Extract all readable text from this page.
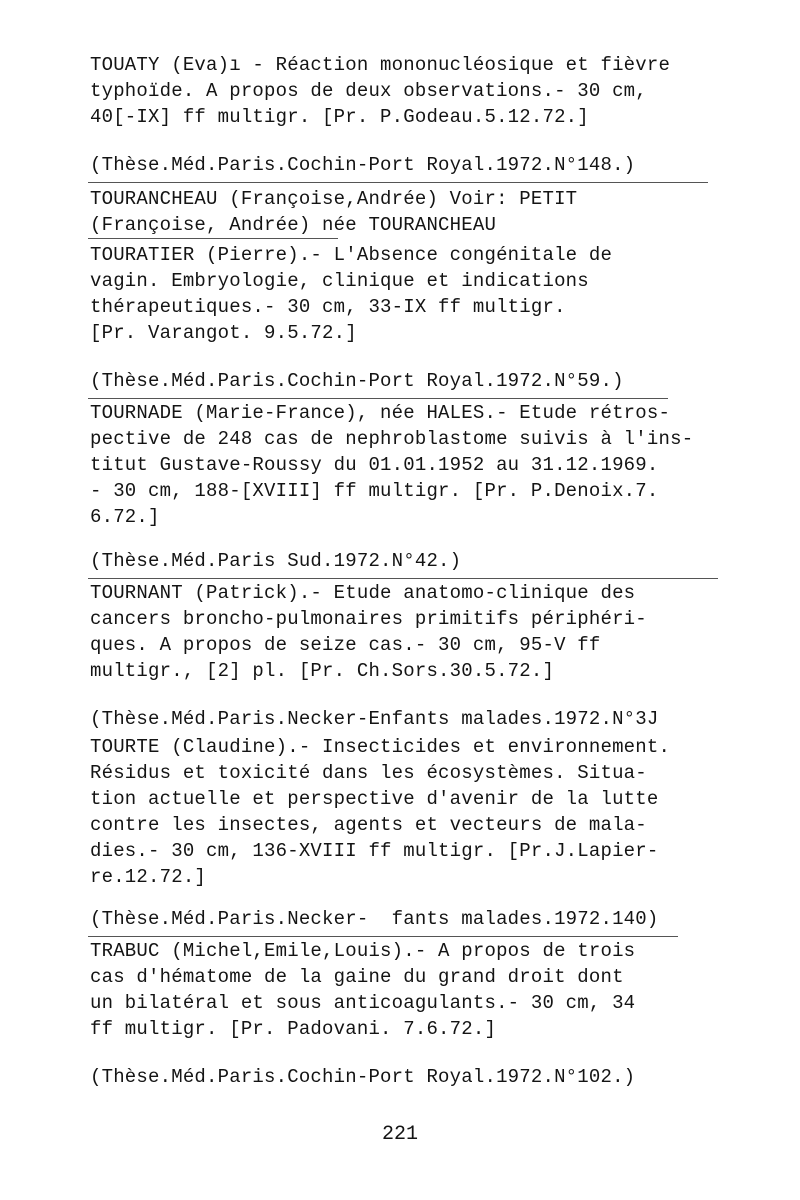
TOUATY (Eva)ı - Réaction mononucléosique et fièvre
typhoïde. A propos de deux observations.- 30 cm,
40[-IX] ff multigr. [Pr. P.Godeau.5.12.72.]
(Thèse.Méd.Paris.Cochin-Port Royal.1972.N°148.)
TOURANCHEAU (Françoise,Andrée) Voir: PETIT
(Françoise, Andrée) née TOURANCHEAU
TOURATIER (Pierre).- L'Absence congénitale de
vagin. Embryologie, clinique et indications
thérapeutiques.- 30 cm, 33-IX ff multigr.
[Pr. Varangot. 9.5.72.]
(Thèse.Méd.Paris.Cochin-Port Royal.1972.N°59.)
TOURNADE (Marie-France), née HALES.- Etude rétros-
pective de 248 cas de nephroblastome suivis à l'ins-
titut Gustave-Roussy du 01.01.1952 au 31.12.1969.
- 30 cm, 188-[XVIII] ff multigr. [Pr. P.Denoix.7.
6.72.]
(Thèse.Méd.Paris Sud.1972.N°42.)
TOURNANT (Patrick).- Etude anatomo-clinique des
cancers broncho-pulmonaires primitifs périphéri-
ques. A propos de seize cas.- 30 cm, 95-V ff
multigr., [2] pl. [Pr. Ch.Sors.30.5.72.]
(Thèse.Méd.Paris.Necker-Enfants malades.1972.N°3J
TOURTE (Claudine).- Insecticides et environnement.
Résidus et toxicité dans les écosystèmes. Situa-
tion actuelle et perspective d'avenir de la lutte
contre les insectes, agents et vecteurs de mala-
dies.- 30 cm, 136-XVIII ff multigr. [Pr.J.Lapier-
re.12.72.]
(Thèse.Méd.Paris.Necker-  fants malades.1972.140)
TRABUC (Michel,Emile,Louis).- A propos de trois
cas d'hématome de la gaine du grand droit dont
un bilatéral et sous anticoagulants.- 30 cm, 34
ff multigr. [Pr. Padovani. 7.6.72.]
(Thèse.Méd.Paris.Cochin-Port Royal.1972.N°102.)
221
